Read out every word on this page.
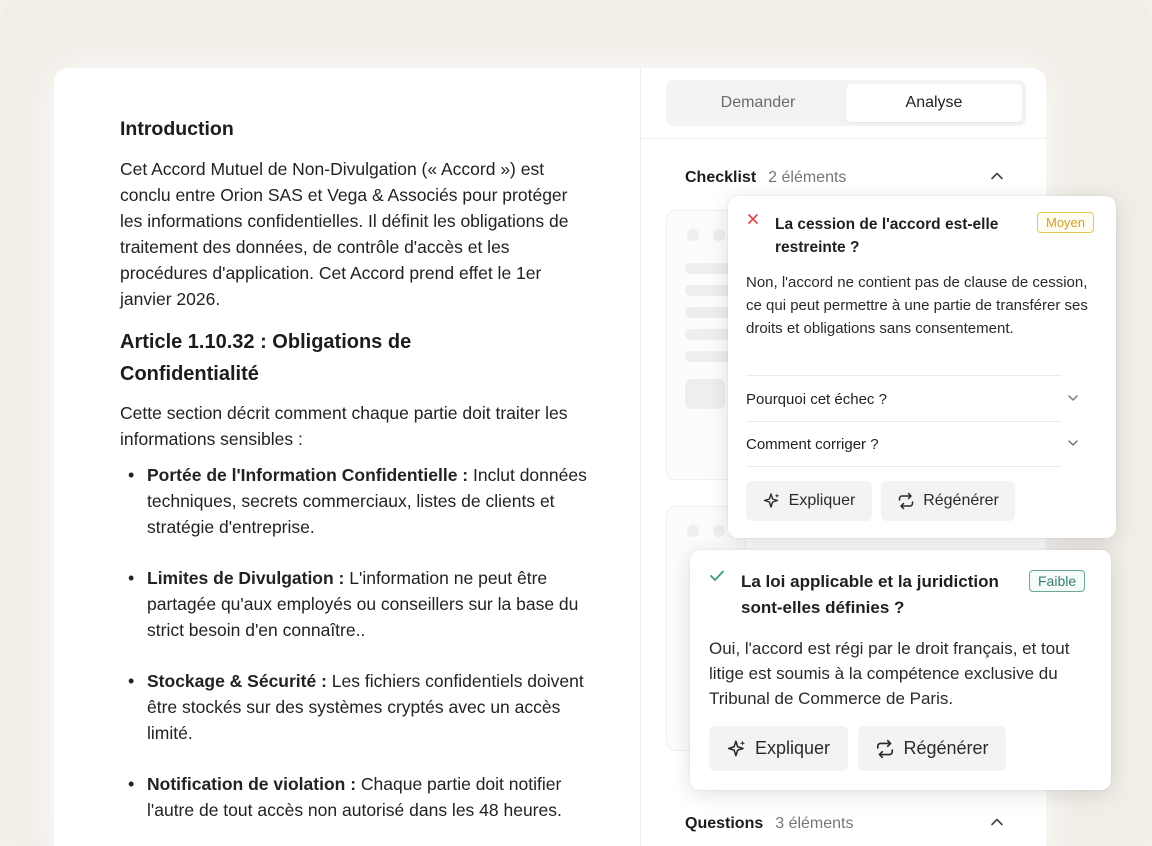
Introduction

Cet Accord Mutuel de Non-Divulgation (« Accord ») est conclu entre Orion SAS et Vega & Associés pour protéger les informations confidentielles. Il définit les obligations de traitement des données, de contrôle d'accès et les procédures d'application. Cet Accord prend effet le 1er janvier 2026.

Article 1.10.32 : Obligations de Confidentialité

Cette section décrit comment chaque partie doit traiter les informations sensibles :

• Portée de l'Information Confidentielle : Inclut données techniques, secrets commerciaux, listes de clients et stratégie d'entreprise.
• Limites de Divulgation : L'information ne peut être partagée qu'aux employés ou conseillers sur la base du strict besoin d'en connaître..
• Stockage & Sécurité : Les fichiers confidentiels doivent être stockés sur des systèmes cryptés avec un accès limité.
• Notification de violation : Chaque partie doit notifier l'autre de tout accès non autorisé dans les 48 heures.
Demander	Analyse
Checklist 2 éléments
Questions 3 éléments
La cession de l'accord est-elle restreinte ?
Moyen
Non, l'accord ne contient pas de clause de cession, ce qui peut permettre à une partie de transférer ses droits et obligations sans consentement.
Pourquoi cet échec ?
Comment corriger ?
Expliquer	Régénérer
La loi applicable et la juridiction sont-elles définies ?
Faible
Oui, l'accord est régi par le droit français, et tout litige est soumis à la compétence exclusive du Tribunal de Commerce de Paris.
Expliquer	Régénérer
